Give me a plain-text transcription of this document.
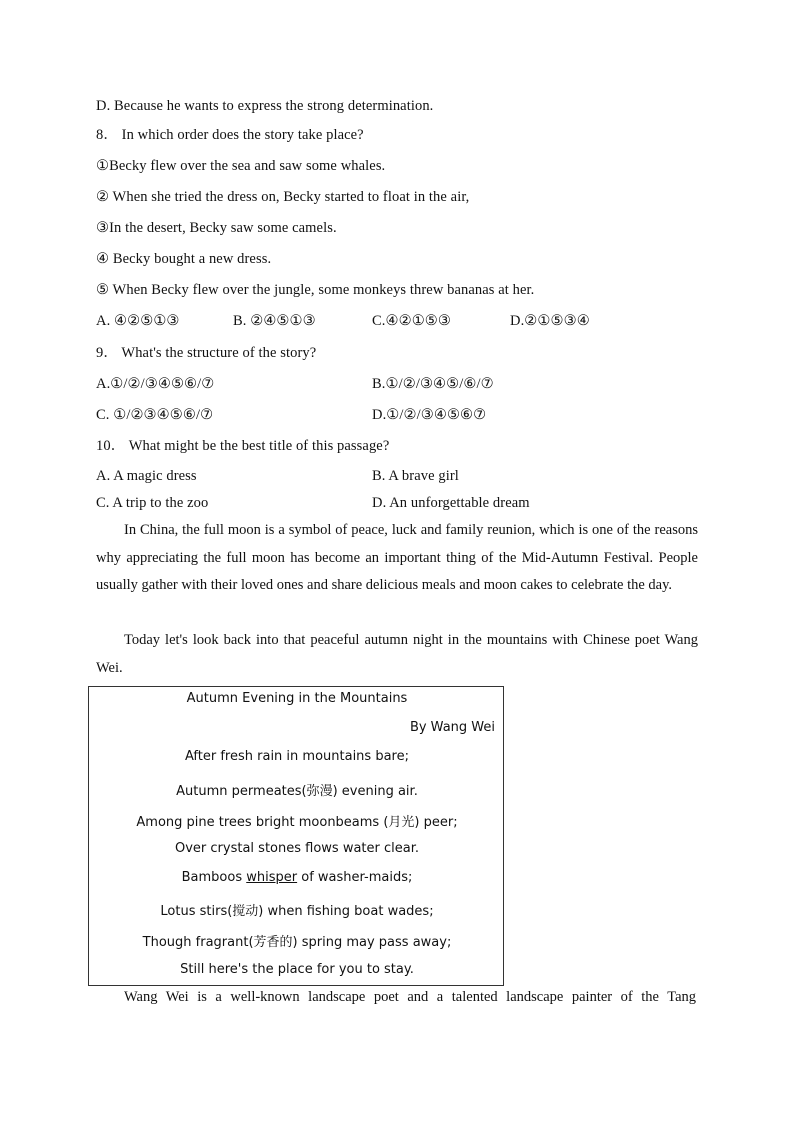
D. Because he wants to express the strong determination.
8． In which order does the story take place?
①Becky flew over the sea and saw some whales.
② When she tried the dress on, Becky started to float in the air,
③In the desert, Becky saw some camels.
④ Becky bought a new dress.
⑤ When Becky flew over the jungle, some monkeys threw bananas at her.
A. ④②⑤①③	B. ②④⑤①③	C.④②①⑤③	D.②①⑤③④
9． What's the structure of the story?
A.①/②/③④⑤⑥/⑦	B.①/②/③④⑤/⑥/⑦
C. ①/②③④⑤⑥/⑦	D.①/②/③④⑤⑥⑦
10． What might be the best title of this passage?
A. A magic dress	B. A brave girl
C. A trip to the zoo	D. An unforgettable dream
In China, the full moon is a symbol of peace, luck and family reunion, which is one of the reasons why appreciating the full moon has become an important thing of the Mid-Autumn Festival. People usually gather with their loved ones and share delicious meals and moon cakes to celebrate the day.
Today let's look back into that peaceful autumn night in the mountains with Chinese poet Wang Wei.
Autumn Evening in the Mountains
By Wang Wei
After fresh rain in mountains bare;
Autumn permeates(弥漫) evening air.
Among pine trees bright moonbeams (月光) peer;
Over crystal stones flows water clear.
Bamboos whisper of washer-maids;
Lotus stirs(搅动) when fishing boat wades;
Though fragrant(芳香的) spring may pass away;
Still here's the place for you to stay.
Wang Wei is a well-known landscape poet and a talented landscape painter of the Tang
